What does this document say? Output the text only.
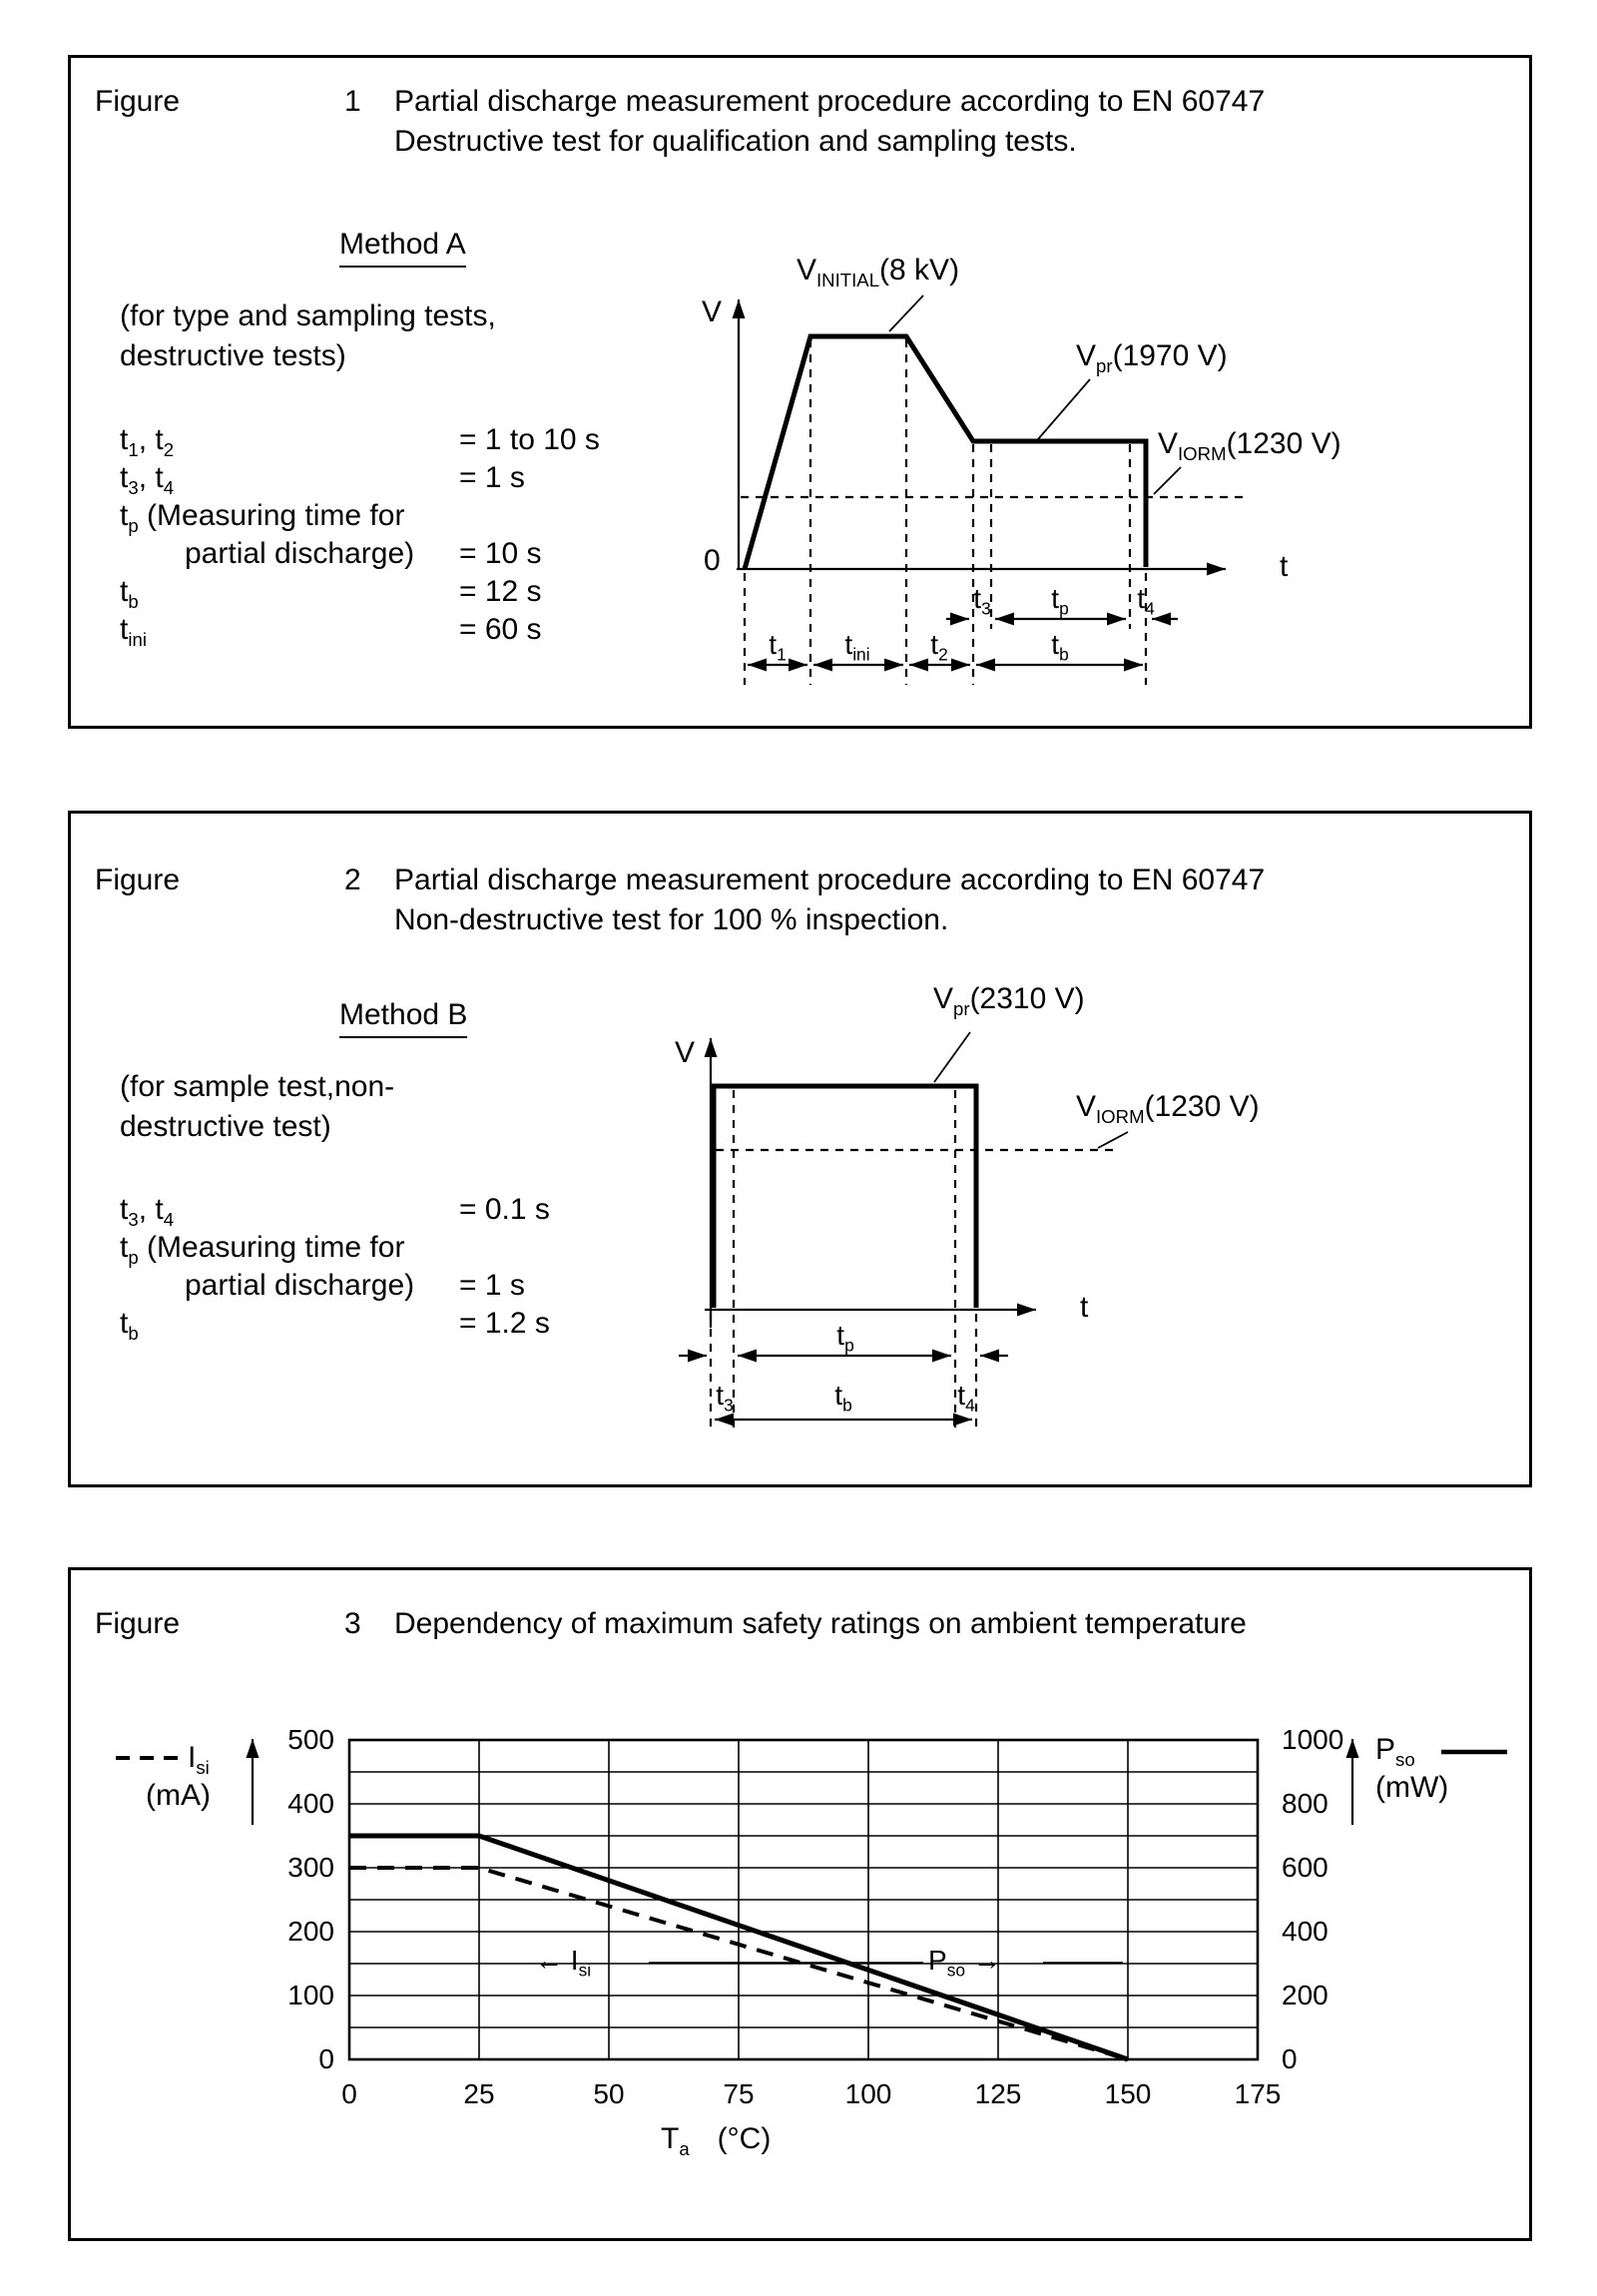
Figure	1 Partial discharge measurement procedure according to EN 60747
Destructive test for qualification and sampling tests.
Method A
(for type and sampling tests,
destructive tests)
$t_1$, $t_2$	= 1 to 10 s
$t_3$, $t_4$	= 1 s
$t_p$ (Measuring time for
partial discharge) = 10 s
$t_b$	= 12 s
$t_{ini}$	= 60 s
V
0	t
$V_{INITIAL}(8$ kV)
$V_{pr}(1970$ V)
$V_{IORM}(1230$ V)
$t_3$ $t_p$ $t_4$
$t_1$ $t_{ini}$ $t_2$	$t_b$
Figure	2 Partial discharge measurement procedure according to EN 60747
Non-destructive test for 100 % inspection.
Method B
(for sample test,non-
destructive test)
$t_3$, $t_4$	= 0.1 s
$t_p$ (Measuring time for
partial discharge) = 1 s
$t_b$	= 1.2 s
V
t
$V_{pr}(2310$ V)
$V_{IORM}(1230$ V)
$t_p$
$t_3$	$t_b$	$t_4$
Figure	3 Dependency of maximum safety ratings on ambient temperature
$I_{si}$
(mA)
$P_{so}$
(mW)
← $I_{si}$	$P_{so}$ →
$T_a$ (°C)
0
100
200
300
400
500
0
200
400
600
800
1000
0	25	50	75	100	125	150	175
